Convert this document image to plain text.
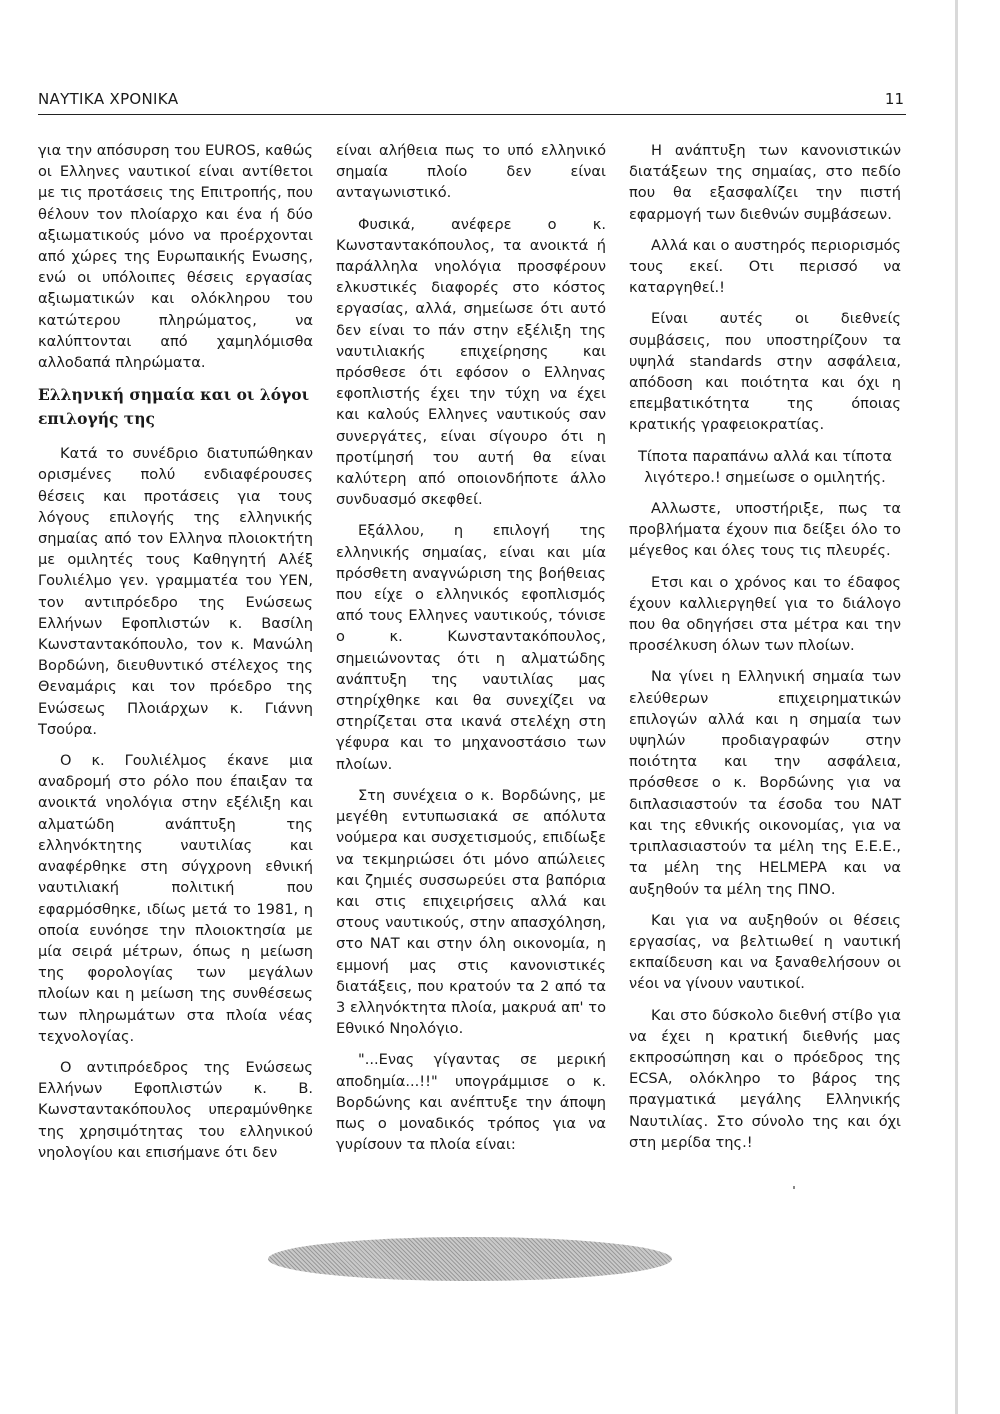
ΝΑΥΤΙΚΑ ΧΡΟΝΙΚΑ	11

για την απόσυρση του EUROS, καθώς οι Ελληνες ναυτικοί είναι αντίθετοι με τις προτάσεις της Επιτροπής, που θέλουν τον πλοίαρχο και ένα ή δύο αξιωματικούς μόνο να προέρχονται από χώρες της Ευρωπαικής Ενωσης, ενώ οι υπόλοιπες θέσεις εργασίας αξιωματικών και ολόκληρου του κατώτερου πληρώματος, να καλύπτονται από χαμηλόμισθα αλλοδαπά πληρώματα.

Ελληνική σημαία και οι λόγοι επιλογής της

Κατά το συνέδριο διατυπώθηκαν ορισμένες πολύ ενδιαφέρουσες θέσεις και προτάσεις για τους λόγους επιλογής της ελληνικής σημαίας από τον Ελληνα πλοιοκτήτη με ομιλητές τους Καθηγητή Αλέξ Γουλιέλμο γεν. γραμματέα του ΥΕΝ, τον αντιπρόεδρο της Ενώσεως Ελλήνων Εφοπλιστών κ. Βασίλη Κωνσταντακόπουλο, τον κ. Μανώλη Βορδώνη, διευθυντικό στέλεχος της Θεναμάρις και τον πρόεδρο της Ενώσεως Πλοιάρχων κ. Γιάννη Τσούρα.

Ο κ. Γουλιέλμος έκανε μια αναδρομή στο ρόλο που έπαιξαν τα ανοικτά νηολόγια στην εξέλιξη και αλματώδη ανάπτυξη της ελληνόκτητης ναυτιλίας και αναφέρθηκε στη σύγχρονη εθνική ναυτιλιακή πολιτική που εφαρμόσθηκε, ιδίως μετά το 1981, η οποία ευνόησε την πλοιοκτησία με μία σειρά μέτρων, όπως η μείωση της φορολογίας των μεγάλων πλοίων και η μείωση της συνθέσεως των πληρωμάτων στα πλοία νέας τεχνολογίας.

Ο αντιπρόεδρος της Ενώσεως Ελλήνων Εφοπλιστών κ. Β. Κωνσταντακόπουλος υπεραμύνθηκε της χρησιμότητας του ελληνικού νηολογίου και επισήμανε ότι δεν

είναι αλήθεια πως το υπό ελληνικό σημαία πλοίο δεν είναι ανταγωνιστικό.

Φυσικά, ανέφερε ο κ. Κωνσταντακόπουλος, τα ανοικτά ή παράλληλα νηολόγια προσφέρουν ελκυστικές διαφορές στο κόστος εργασίας, αλλά, σημείωσε ότι αυτό δεν είναι το πάν στην εξέλιξη της ναυτιλιακής επιχείρησης και πρόσθεσε ότι εφόσον ο Ελληνας εφοπλιστής έχει την τύχη να έχει και καλούς Ελληνες ναυτικούς σαν συνεργάτες, είναι σίγουρο ότι η προτίμησή του αυτή θα είναι καλύτερη από οποιονδήποτε άλλο συνδυασμό σκεφθεί.

Εξάλλου, η επιλογή της ελληνικής σημαίας, είναι και μία πρόσθετη αναγνώριση της βοήθειας που είχε ο ελληνικός εφοπλισμός από τους Ελληνες ναυτικούς, τόνισε ο κ. Κωνσταντακόπουλος, σημειώνοντας ότι η αλματώδης ανάπτυξη της ναυτιλίας μας στηρίχθηκε και θα συνεχίζει να στηρίζεται στα ικανά στελέχη στη γέφυρα και το μηχανοστάσιο των πλοίων.

Στη συνέχεια ο κ. Βορδώνης, με μεγέθη εντυπωσιακά σε απόλυτα νούμερα και συσχετισμούς, επιδίωξε να τεκμηριώσει ότι μόνο απώλειες και ζημιές συσσωρεύει στα βαπόρια και στις επιχειρήσεις αλλά και στους ναυτικούς, στην απασχόληση, στο ΝΑΤ και στην όλη οικονομία, η εμμονή μας στις κανονιστικές διατάξεις, που κρατούν τα 2 από τα 3 ελληνόκτητα πλοία, μακρυά απ' το Εθνικό Νηολόγιο.

"...Ενας γίγαντας σε μερική αποδημία...!!" υπογράμμισε ο κ. Βορδώνης και ανέπτυξε την άποψη πως ο μοναδικός τρόπος για να γυρίσουν τα πλοία είναι:

Η ανάπτυξη των κανονιστικών διατάξεων της σημαίας, στο πεδίο που θα εξασφαλίζει την πιστή εφαρμογή των διεθνών συμβάσεων.

Αλλά και ο αυστηρός περιορισμός τους εκεί. Οτι περισσό να καταργηθεί.!

Είναι αυτές οι διεθνείς συμβάσεις, που υποστηρίζουν τα υψηλά standards στην ασφάλεια, απόδοση και ποιότητα και όχι η επεμβατικότητα της όποιας κρατικής γραφειοκρατίας.

Τίποτα παραπάνω αλλά και τίποτα λιγότερο.! σημείωσε ο ομιλητής.

Αλλωστε, υποστήριξε, πως τα προβλήματα έχουν πια δείξει όλο το μέγεθος και όλες τους τις πλευρές.

Ετσι και ο χρόνος και το έδαφος έχουν καλλιεργηθεί για το διάλογο που θα οδηγήσει στα μέτρα και την προσέλκυση όλων των πλοίων.

Να γίνει η Ελληνική σημαία των ελεύθερων επιχειρηματικών επιλογών αλλά και η σημαία των υψηλών προδιαγραφών στην ποιότητα και την ασφάλεια, πρόσθεσε ο κ. Βορδώνης για να διπλασιαστούν τα έσοδα του ΝΑΤ και της εθνικής οικονομίας, για να τριπλασιαστούν τα μέλη της Ε.Ε.Ε., τα μέλη της HELMEPA και να αυξηθούν τα μέλη της ΠΝΟ.

Και για να αυξηθούν οι θέσεις εργασίας, να βελτιωθεί η ναυτική εκπαίδευση και να ξαναθελήσουν οι νέοι να γίνουν ναυτικοί.

Και στο δύσκολο διεθνή στίβο για να έχει η κρατική διεθνής μας εκπροσώπηση και ο πρόεδρος της ECSA, ολόκληρο το βάρος της πραγματικά μεγάλης Ελληνικής Ναυτιλίας. Στο σύνολο της και όχι στη μερίδα της.!
